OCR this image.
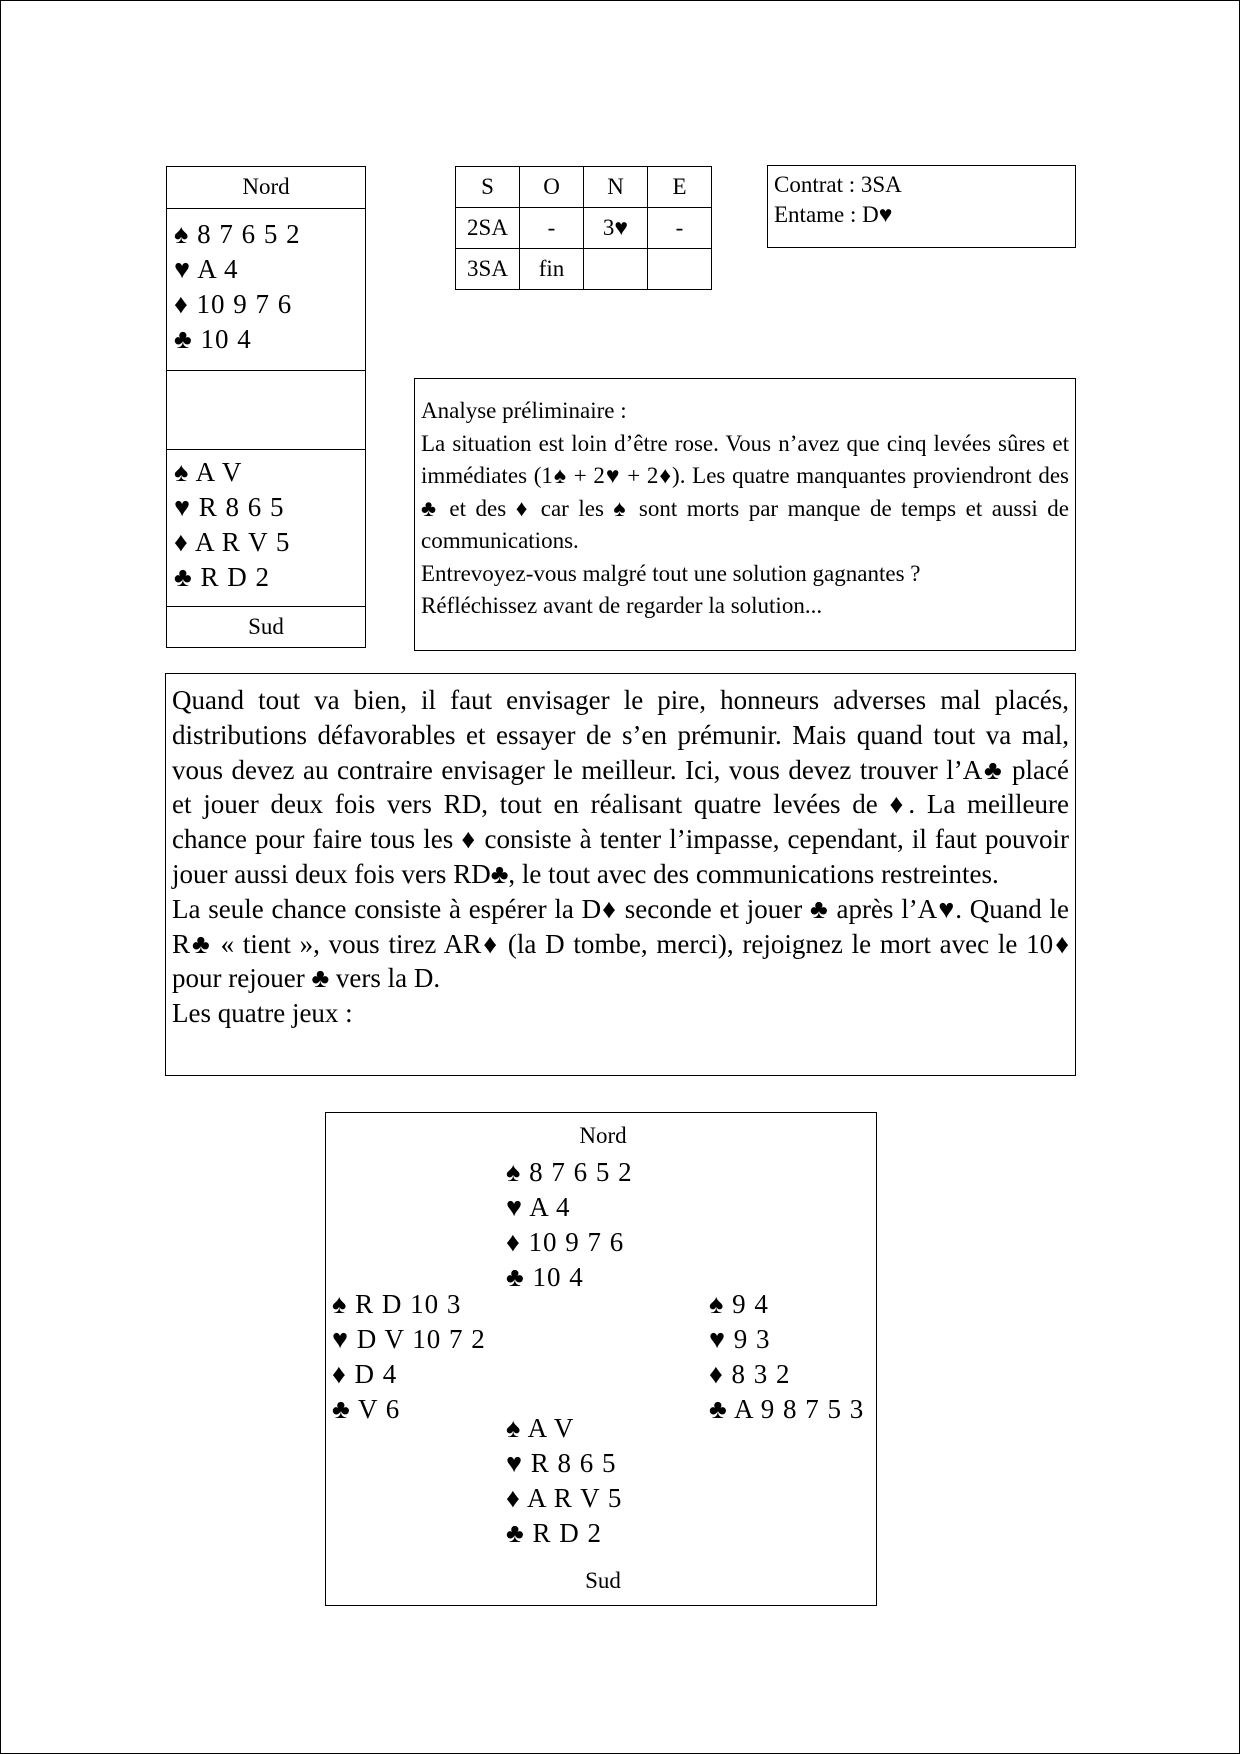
Nord
♠ 8 7 6 5 2
♥ A 4
♦ 10 9 7 6
♣ 10 4
♠ A V
♥ R 8 6 5
♦ A R V 5
♣ R D 2
Sud
S	O	N	E
2SA	-	3♥	-
3SA	fin		
Contrat : 3SA
Entame : D♥

Analyse préliminaire :

La situation est loin d’être rose. Vous n’avez que cinq levées sûres et immédiates (1♠ + 2♥ + 2♦). Les quatre manquantes proviendront des ♣ et des ♦ car les ♠ sont morts par manque de temps et aussi de communications.

Entrevoyez-vous malgré tout une solution gagnantes ?

Réfléchissez avant de regarder la solution...

Quand tout va bien, il faut envisager le pire, honneurs adverses mal placés, distributions défavorables et essayer de s’en prémunir. Mais quand tout va mal, vous devez au contraire envisager le meilleur. Ici, vous devez trouver l’A♣ placé et jouer deux fois vers RD, tout en réalisant quatre levées de ♦. La meilleure chance pour faire tous les ♦ consiste à tenter l’impasse, cependant, il faut pouvoir jouer aussi deux fois vers RD♣, le tout avec des communications restreintes.

La seule chance consiste à espérer la D♦ seconde et jouer ♣ après l’A♥. Quand le R♣ « tient », vous tirez AR♦ (la D tombe, merci), rejoignez le mort avec le 10♦ pour rejouer ♣ vers la D.

Les quatre jeux :

Nord
♠ 8 7 6 5 2
♥ A 4
♦ 10 9 7 6
♣ 10 4
♠ R D 10 3
♥ D V 10 7 2
♦ D 4
♣ V 6
♠ 9 4
♥ 9 3
♦ 8 3 2
♣ A 9 8 7 5 3
♠ A V
♥ R 8 6 5
♦ A R V 5
♣ R D 2
Sud
